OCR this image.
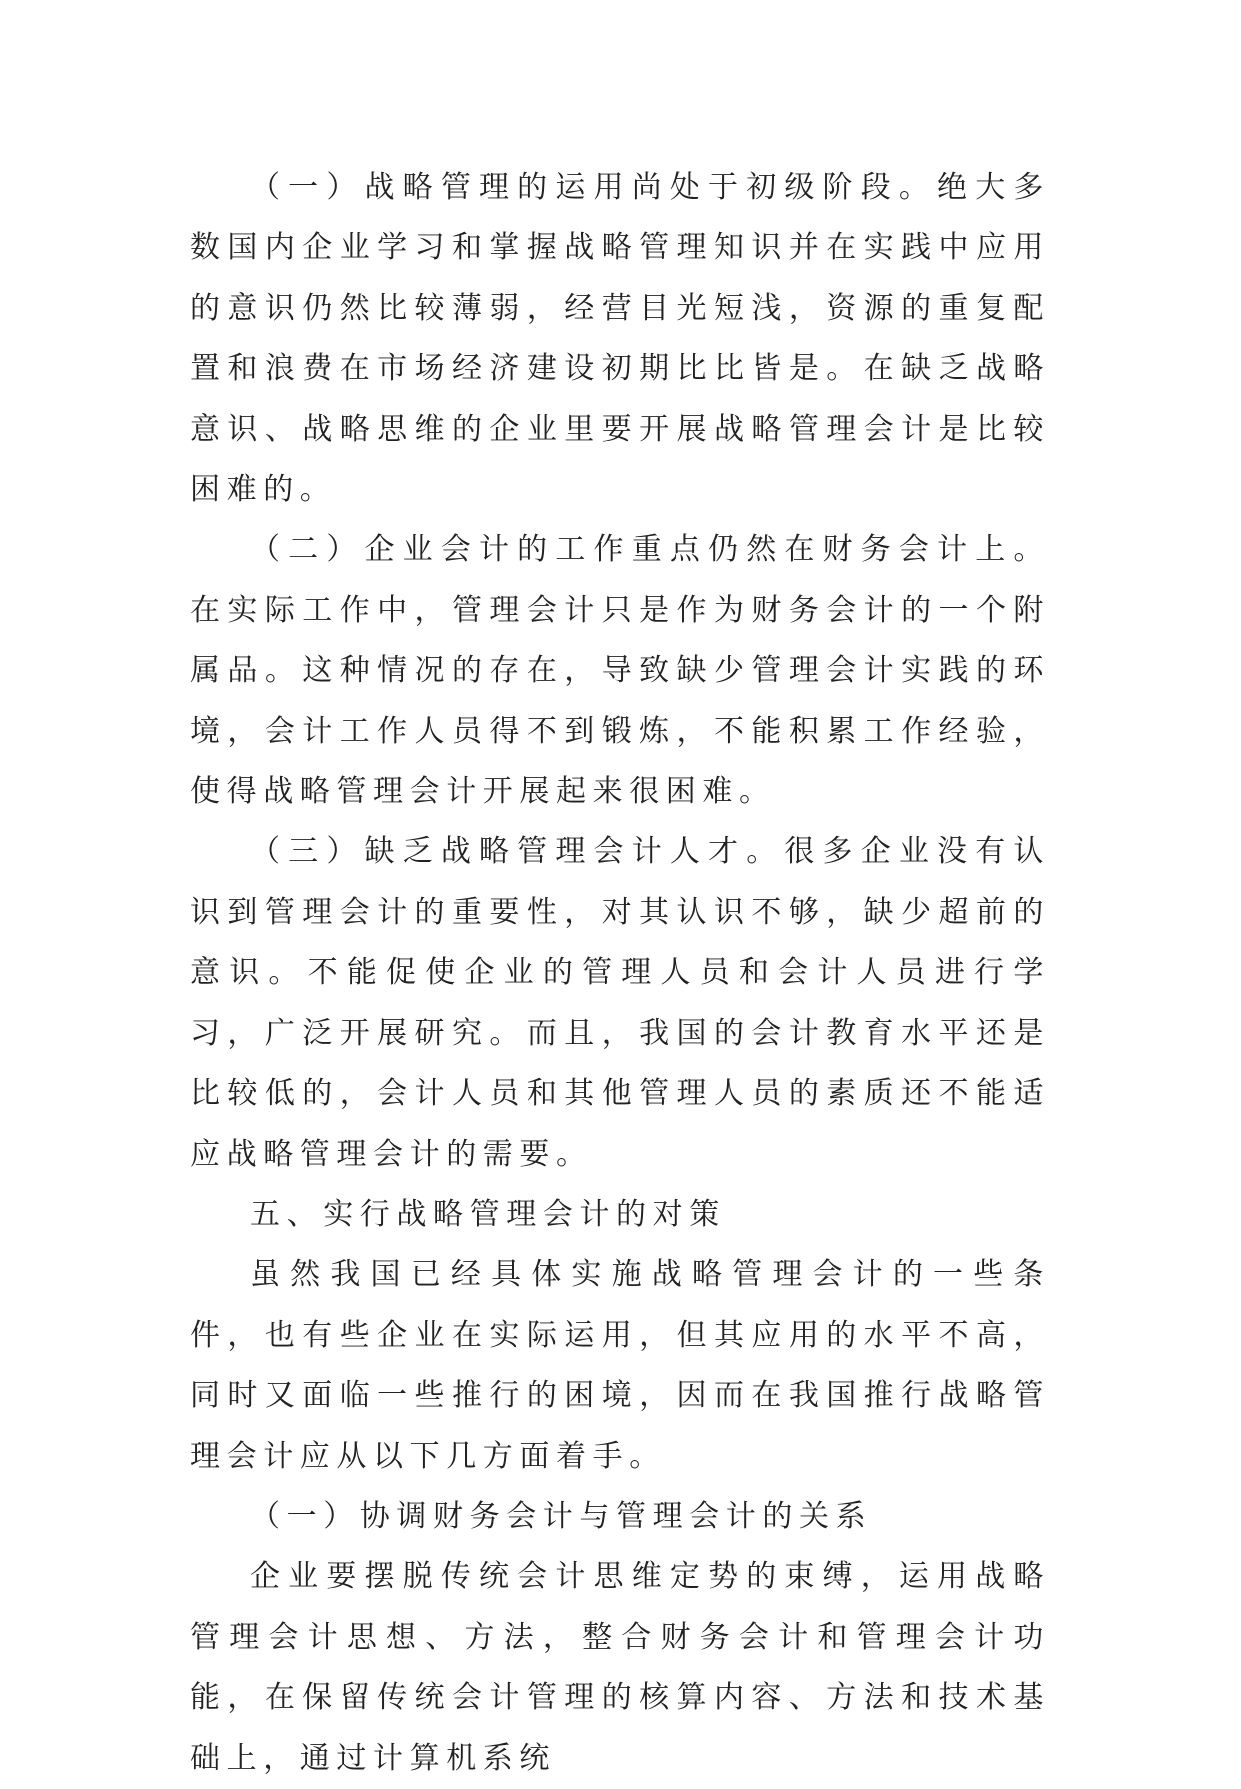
（一）战略管理的运用尚处于初级阶段。绝大多数国内企业学习和掌握战略管理知识并在实践中应用的意识仍然比较薄弱，经营目光短浅，资源的重复配置和浪费在市场经济建设初期比比皆是。在缺乏战略意识、战略思维的企业里要开展战略管理会计是比较困难的。

（二）企业会计的工作重点仍然在财务会计上。在实际工作中，管理会计只是作为财务会计的一个附属品。这种情况的存在，导致缺少管理会计实践的环境，会计工作人员得不到锻炼，不能积累工作经验，使得战略管理会计开展起来很困难。

（三）缺乏战略管理会计人才。很多企业没有认识到管理会计的重要性，对其认识不够，缺少超前的意识。不能促使企业的管理人员和会计人员进行学习，广泛开展研究。而且，我国的会计教育水平还是比较低的，会计人员和其他管理人员的素质还不能适应战略管理会计的需要。

五、实行战略管理会计的对策

虽然我国已经具体实施战略管理会计的一些条件，也有些企业在实际运用，但其应用的水平不高，同时又面临一些推行的困境，因而在我国推行战略管理会计应从以下几方面着手。

（一）协调财务会计与管理会计的关系

企业要摆脱传统会计思维定势的束缚，运用战略管理会计思想、方法，整合财务会计和管理会计功能，在保留传统会计管理的核算内容、方法和技术基础上，通过计算机系统
